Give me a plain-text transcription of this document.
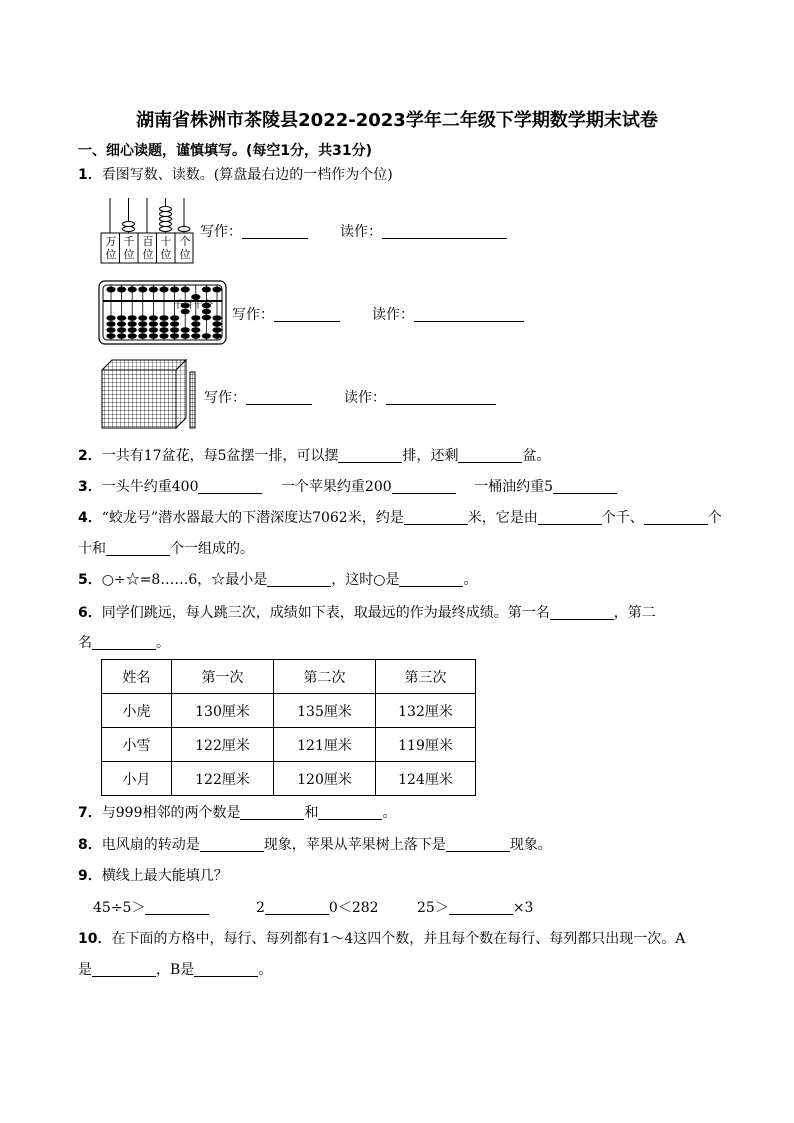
湖南省株洲市茶陵县2022-2023学年二年级下学期数学期末试卷
一、细心读题，谨慎填写。(每空1分，共31分)
1．看图写数、读数。(算盘最右边的一档作为个位)
万位
千位
百位
十位
个位
写作：	读作：
千百十个
写作：	读作：
写作：	读作：
2．一共有17盆花，每5盆摆一排，可以摆	排，还剩	盆。
3．一头牛约重400	一个苹果约重200	一桶油约重5
4．“蛟龙号”潜水器最大的下潜深度达7062米，约是	米，它是由	个千、	个
十和	个一组成的。
5．○÷☆=8……6，☆最小是	，这时○是	。
6．同学们跳远，每人跳三次，成绩如下表，取最远的作为最终成绩。第一名	，第二
名	。
姓名	第一次	第二次	第三次
小虎	130厘米	135厘米	132厘米
小雪	122厘米	121厘米	119厘米
小月	122厘米	120厘米	124厘米
7．与999相邻的两个数是	和	。
8．电风扇的转动是	现象，苹果从苹果树上落下是	现象。
9．横线上最大能填几？
45÷5＞	2	0＜282	25＞	×3
10．在下面的方格中，每行、每列都有1～4这四个数，并且每个数在每行、每列都只出现一次。A
是	，B是	。
